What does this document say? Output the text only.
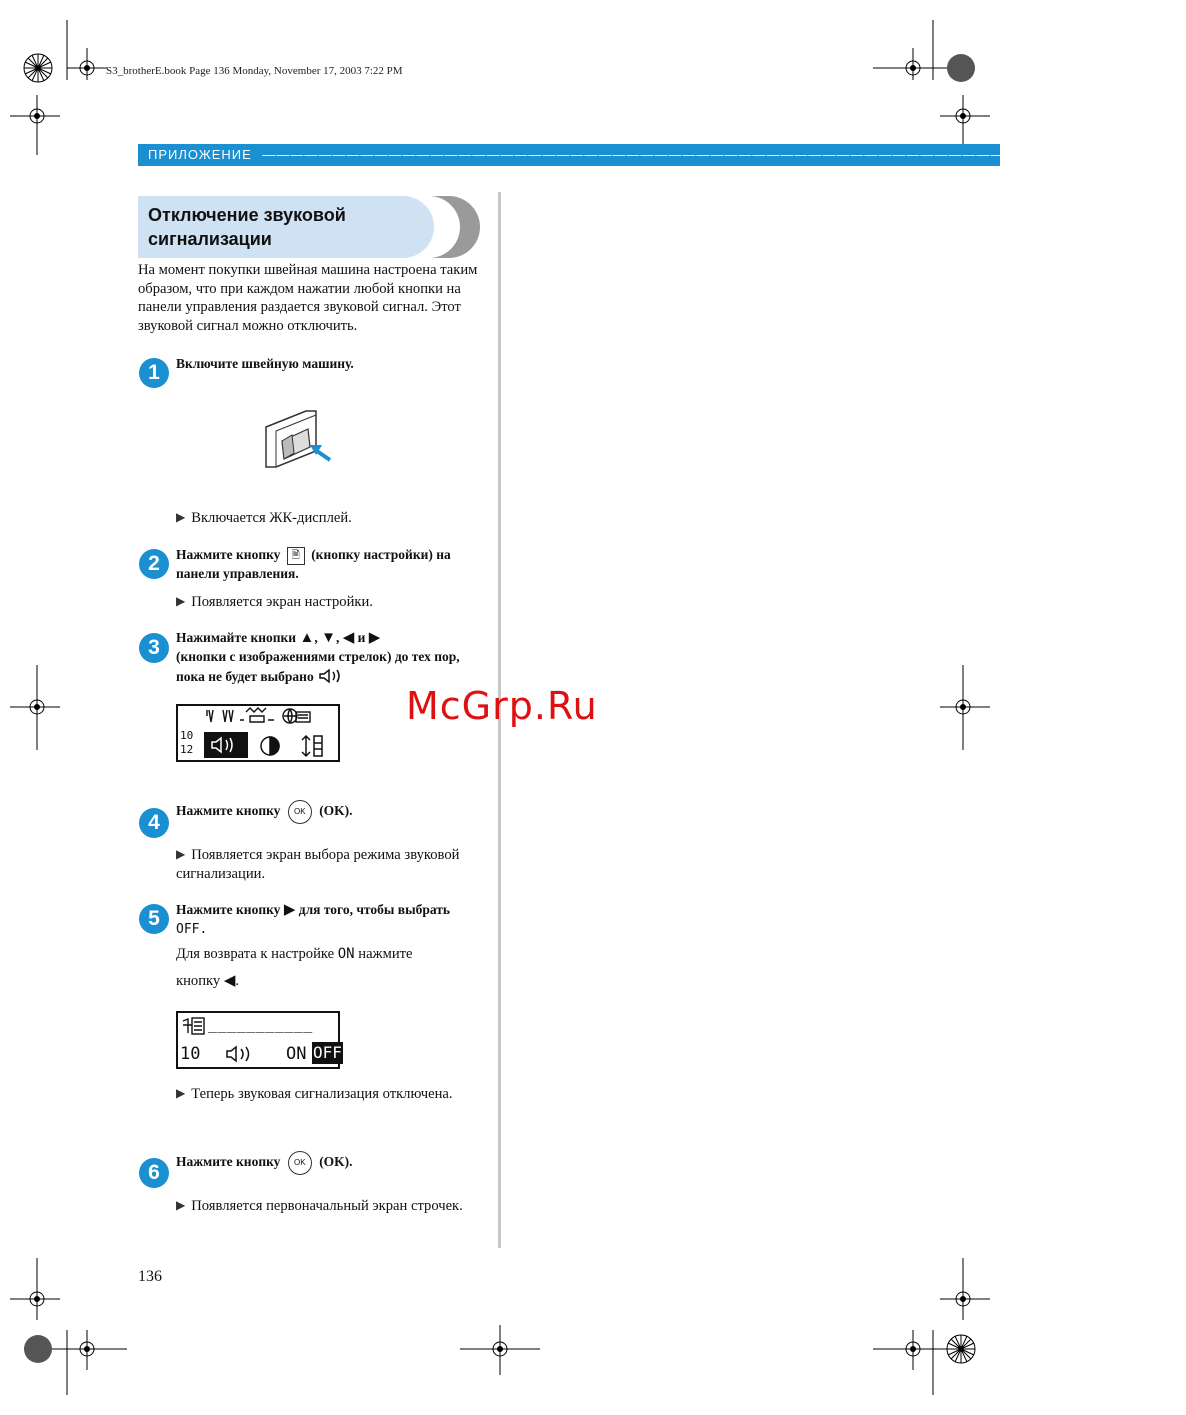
S3_brotherE.book Page 136 Monday, November 17, 2003 7:22 PM
ПРИЛОЖЕНИЕ ——————————————————————————————————————————————————————————————————
Отключение звуковой сигнализации
На момент покупки швейная машина настроена таким образом, что при каждом нажатии любой кнопки на панели управления раздается звуковой сигнал. Этот звуковой сигнал можно отключить.
1	Включите швейную машину.
▶ Включается ЖК-дисплей.
2	Нажмите кнопку 🗎 (кнопку настройки) на панели управления.
▶ Появляется экран настройки.
3	Нажимайте кнопки ▲, ▼, ◀ и ▶
(кнопки с изображениями стрелок) до тех пор, пока не будет выбрано
10
12
McGrp.Ru
4
Нажмите кнопку OK (OK).
▶ Появляется экран выбора режима звуковой сигнализации.
5	Нажмите кнопку ▶ для того, чтобы выбрать
OFF.
Для возврата к настройке ON нажмите
кнопку ◀.
___________
10	ON OFF
▶ Теперь звуковая сигнализация отключена.
6	Нажмите кнопку OK (OK).
▶ Появляется первоначальный экран строчек.
136
